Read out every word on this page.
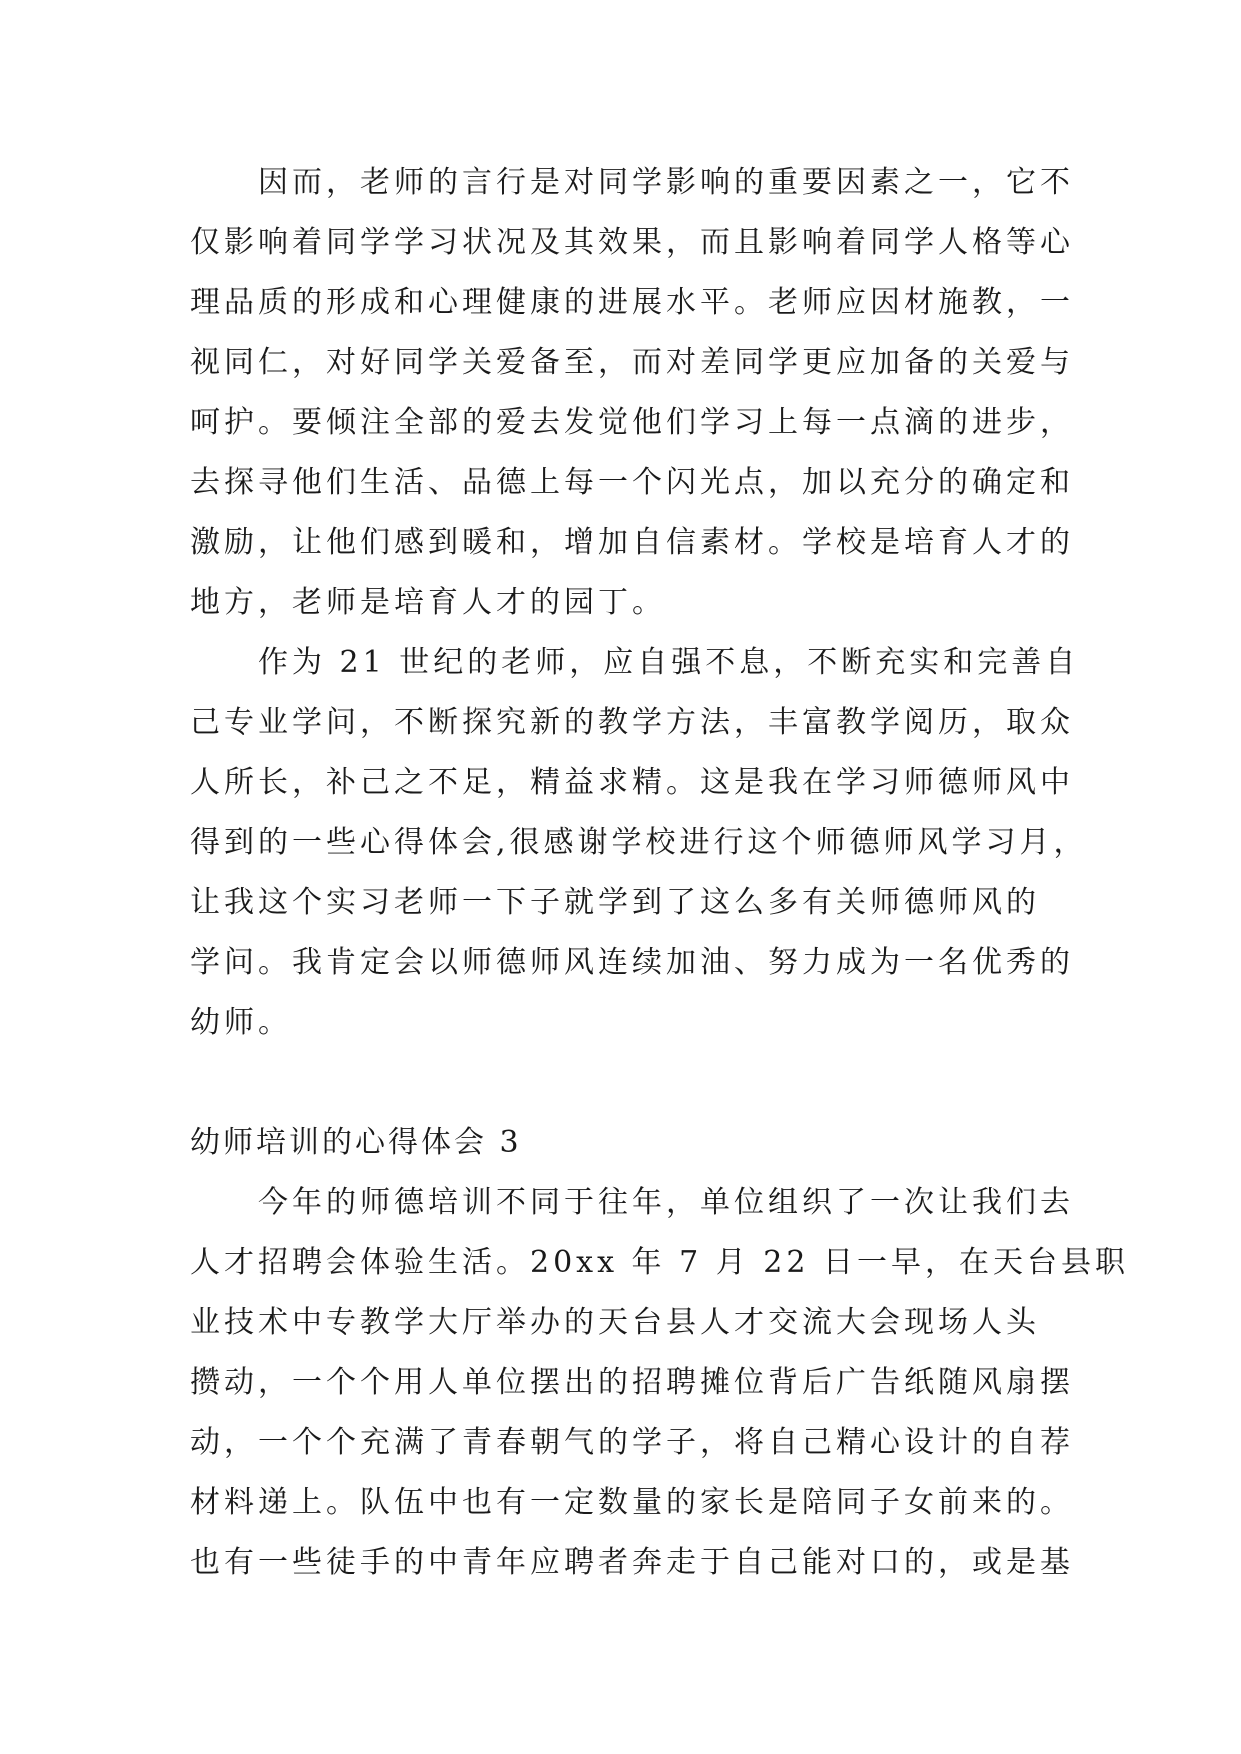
　　因而，老师的言行是对同学影响的重要因素之一，它不
仅影响着同学学习状况及其效果，而且影响着同学人格等心
理品质的形成和心理健康的进展水平。老师应因材施教，一
视同仁，对好同学关爱备至，而对差同学更应加备的关爱与
呵护。要倾注全部的爱去发觉他们学习上每一点滴的进步，
去探寻他们生活、品德上每一个闪光点，加以充分的确定和
激励，让他们感到暖和，增加自信素材。学校是培育人才的
地方，老师是培育人才的园丁。
　　作为 21 世纪的老师，应自强不息，不断充实和完善自
己专业学问，不断探究新的教学方法，丰富教学阅历，取众
人所长，补己之不足，精益求精。这是我在学习师德师风中
得到的一些心得体会,很感谢学校进行这个师德师风学习月，
让我这个实习老师一下子就学到了这么多有关师德师风的
学问。我肯定会以师德师风连续加油、努力成为一名优秀的
幼师。
幼师培训的心得体会 3
　　今年的师德培训不同于往年，单位组织了一次让我们去
人才招聘会体验生活。20xx 年 7 月 22 日一早，在天台县职
业技术中专教学大厅举办的天台县人才交流大会现场人头
攒动，一个个用人单位摆出的招聘摊位背后广告纸随风扇摆
动，一个个充满了青春朝气的学子，将自己精心设计的自荐
材料递上。队伍中也有一定数量的家长是陪同子女前来的。
也有一些徒手的中青年应聘者奔走于自己能对口的，或是基
